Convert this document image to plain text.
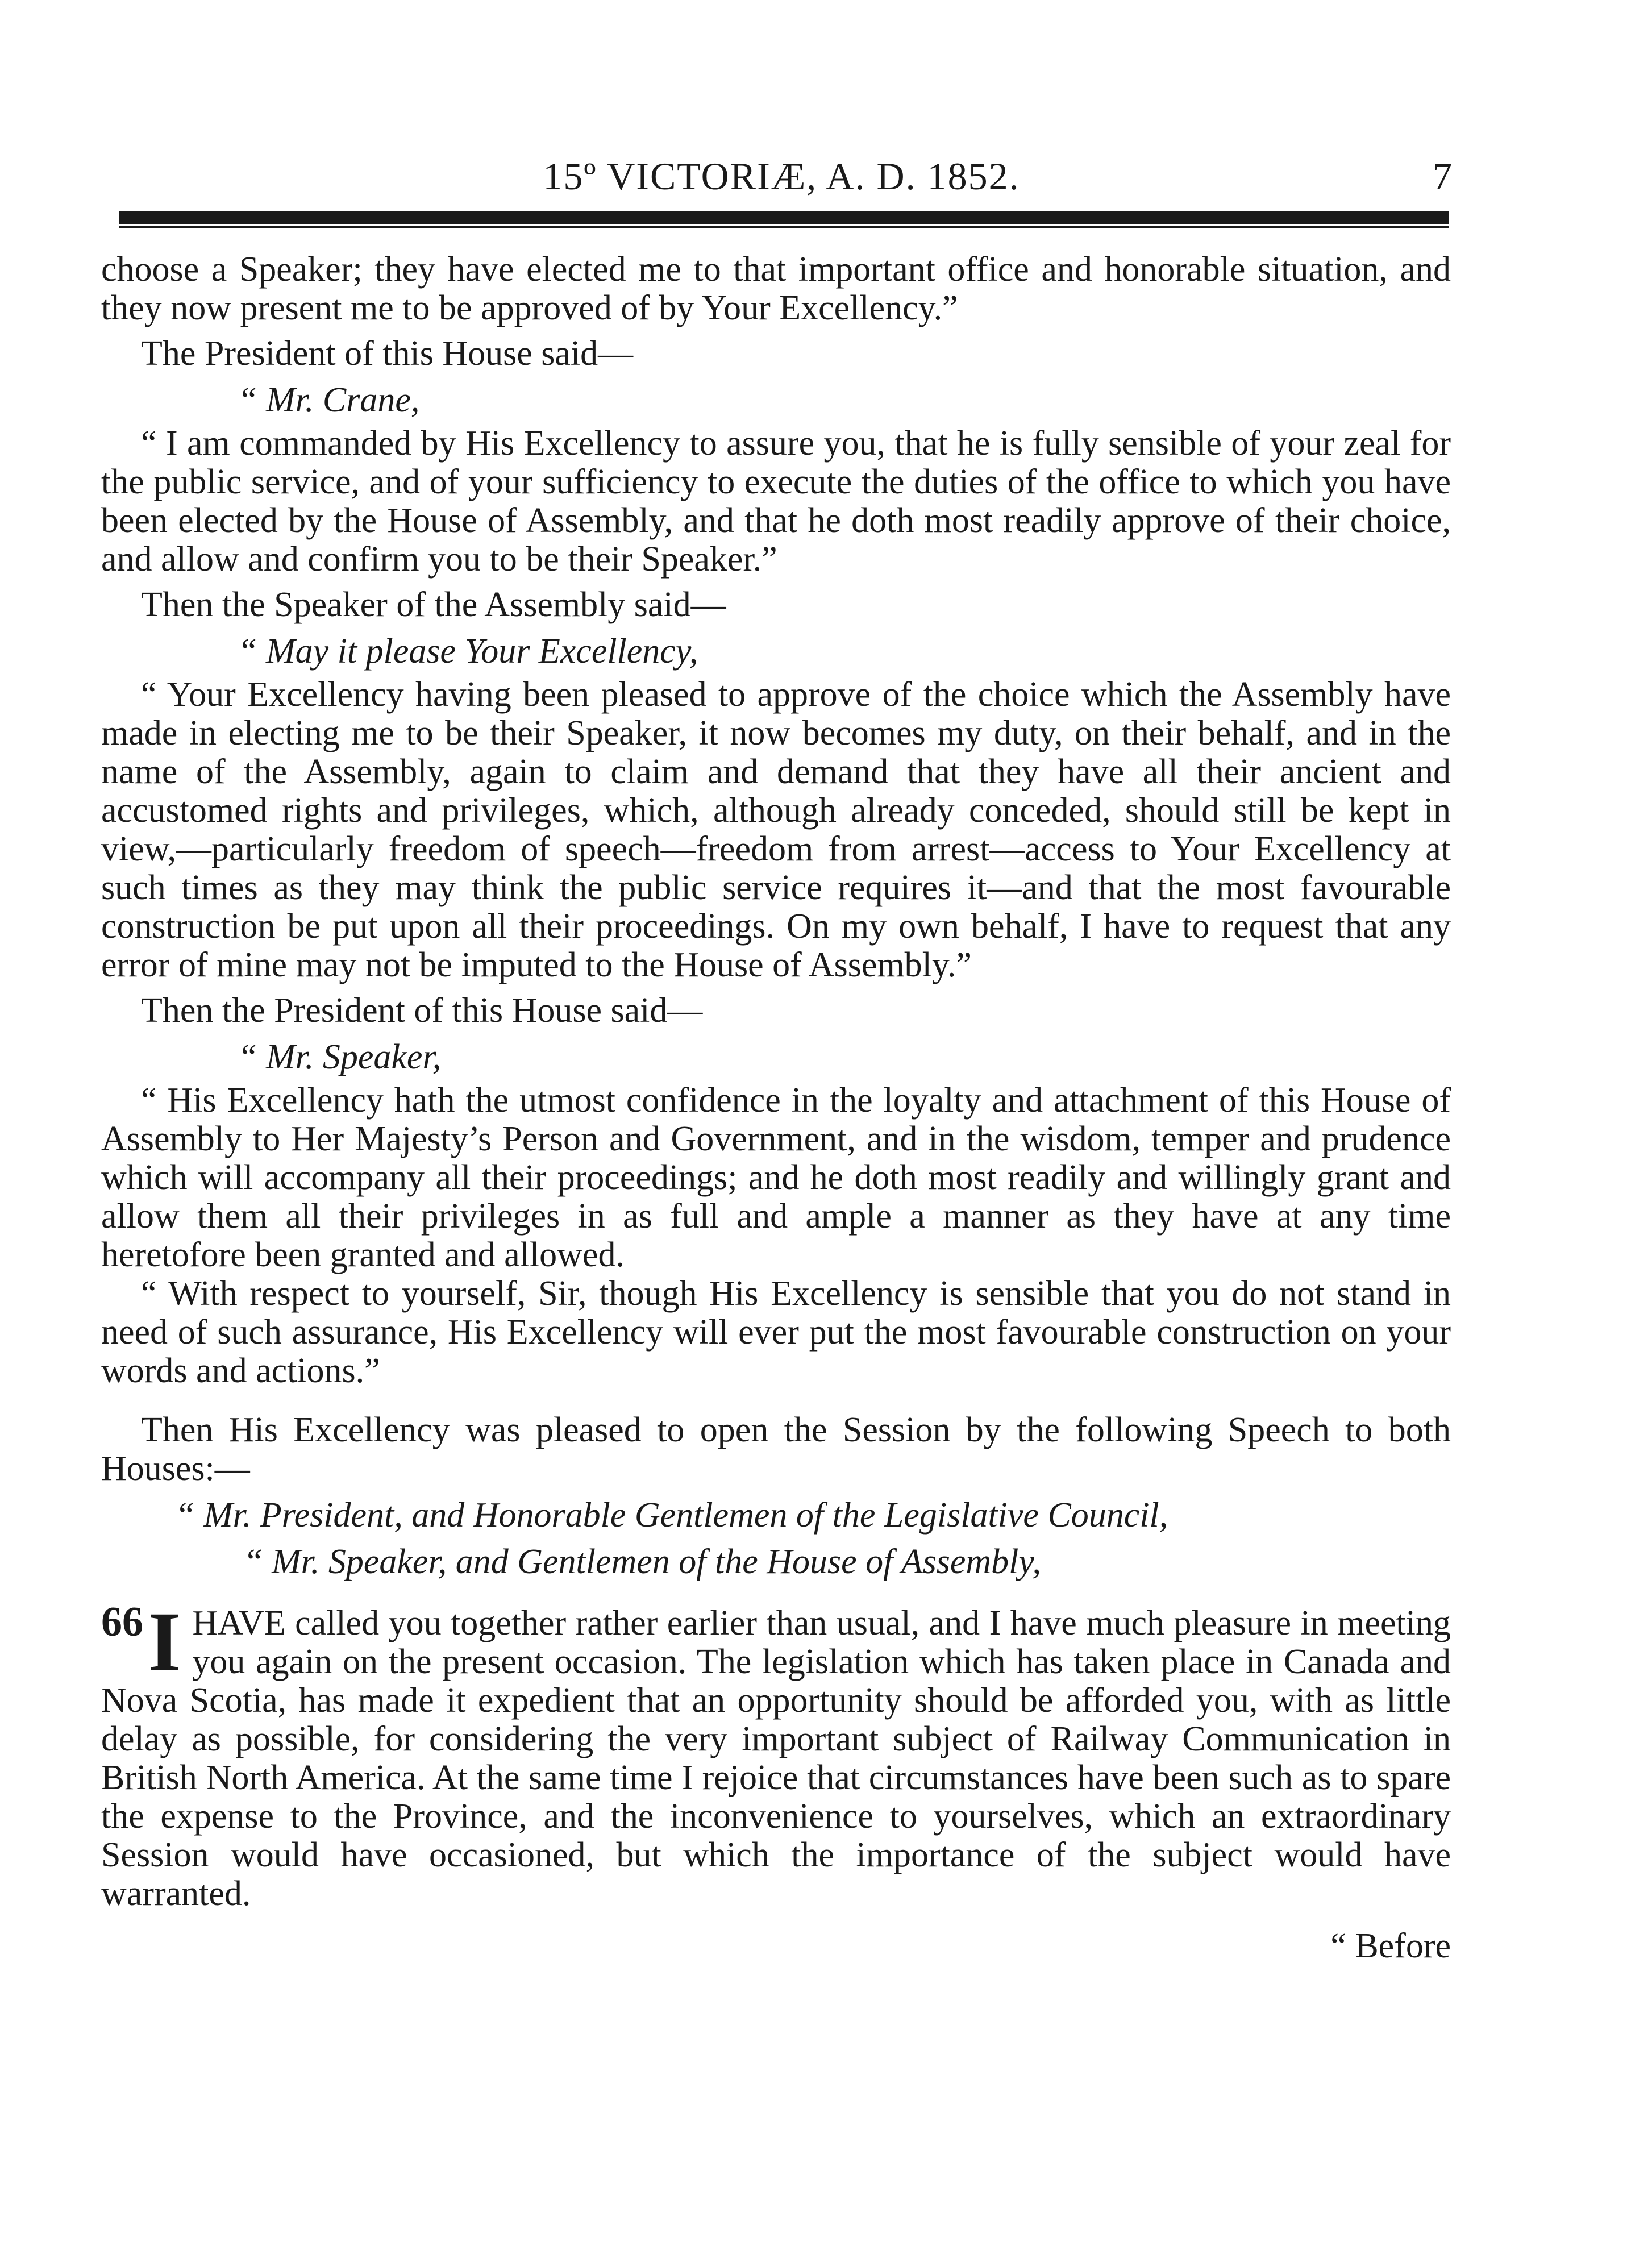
15º VICTORIÆ, A. D. 1852.	7

choose a Speaker; they have elected me to that important office and honorable situation, and they now present me to be approved of by Your Excellency.”

The President of this House said—

“ Mr. Crane,

“ I am commanded by His Excellency to assure you, that he is fully sensible of your zeal for the public service, and of your sufficiency to execute the duties of the office to which you have been elected by the House of Assembly, and that he doth most readily approve of their choice, and allow and confirm you to be their Speaker.”

Then the Speaker of the Assembly said—

“ May it please Your Excellency,

“ Your Excellency having been pleased to approve of the choice which the Assembly have made in electing me to be their Speaker, it now becomes my duty, on their behalf, and in the name of the Assembly, again to claim and demand that they have all their ancient and accustomed rights and privileges, which, although already conceded, should still be kept in view,—particularly freedom of speech—freedom from arrest—access to Your Excellency at such times as they may think the public service requires it—and that the most favourable construction be put upon all their proceedings. On my own behalf, I have to request that any error of mine may not be imputed to the House of Assembly.”

Then the President of this House said—

“ Mr. Speaker,

“ His Excellency hath the utmost confidence in the loyalty and attachment of this House of Assembly to Her Majesty’s Person and Government, and in the wisdom, temper and prudence which will accompany all their proceedings; and he doth most readily and willingly grant and allow them all their privileges in as full and ample a manner as they have at any time heretofore been granted and allowed.

“ With respect to yourself, Sir, though His Excellency is sensible that you do not stand in need of such assurance, His Excellency will ever put the most favourable construction on your words and actions.”

Then His Excellency was pleased to open the Session by the following Speech to both Houses:—

“ Mr. President, and Honorable Gentlemen of the Legislative Council,

“ Mr. Speaker, and Gentlemen of the House of Assembly,

66 I HAVE called you together rather earlier than usual, and I have much pleasure in meeting you again on the present occasion. The legislation which has taken place in Canada and Nova Scotia, has made it expedient that an opportunity should be afforded you, with as little delay as possible, for considering the very important subject of Railway Communication in British North America. At the same time I rejoice that circumstances have been such as to spare the expense to the Province, and the inconvenience to yourselves, which an extraordinary Session would have occasioned, but which the importance of the subject would have warranted.

“ Before
